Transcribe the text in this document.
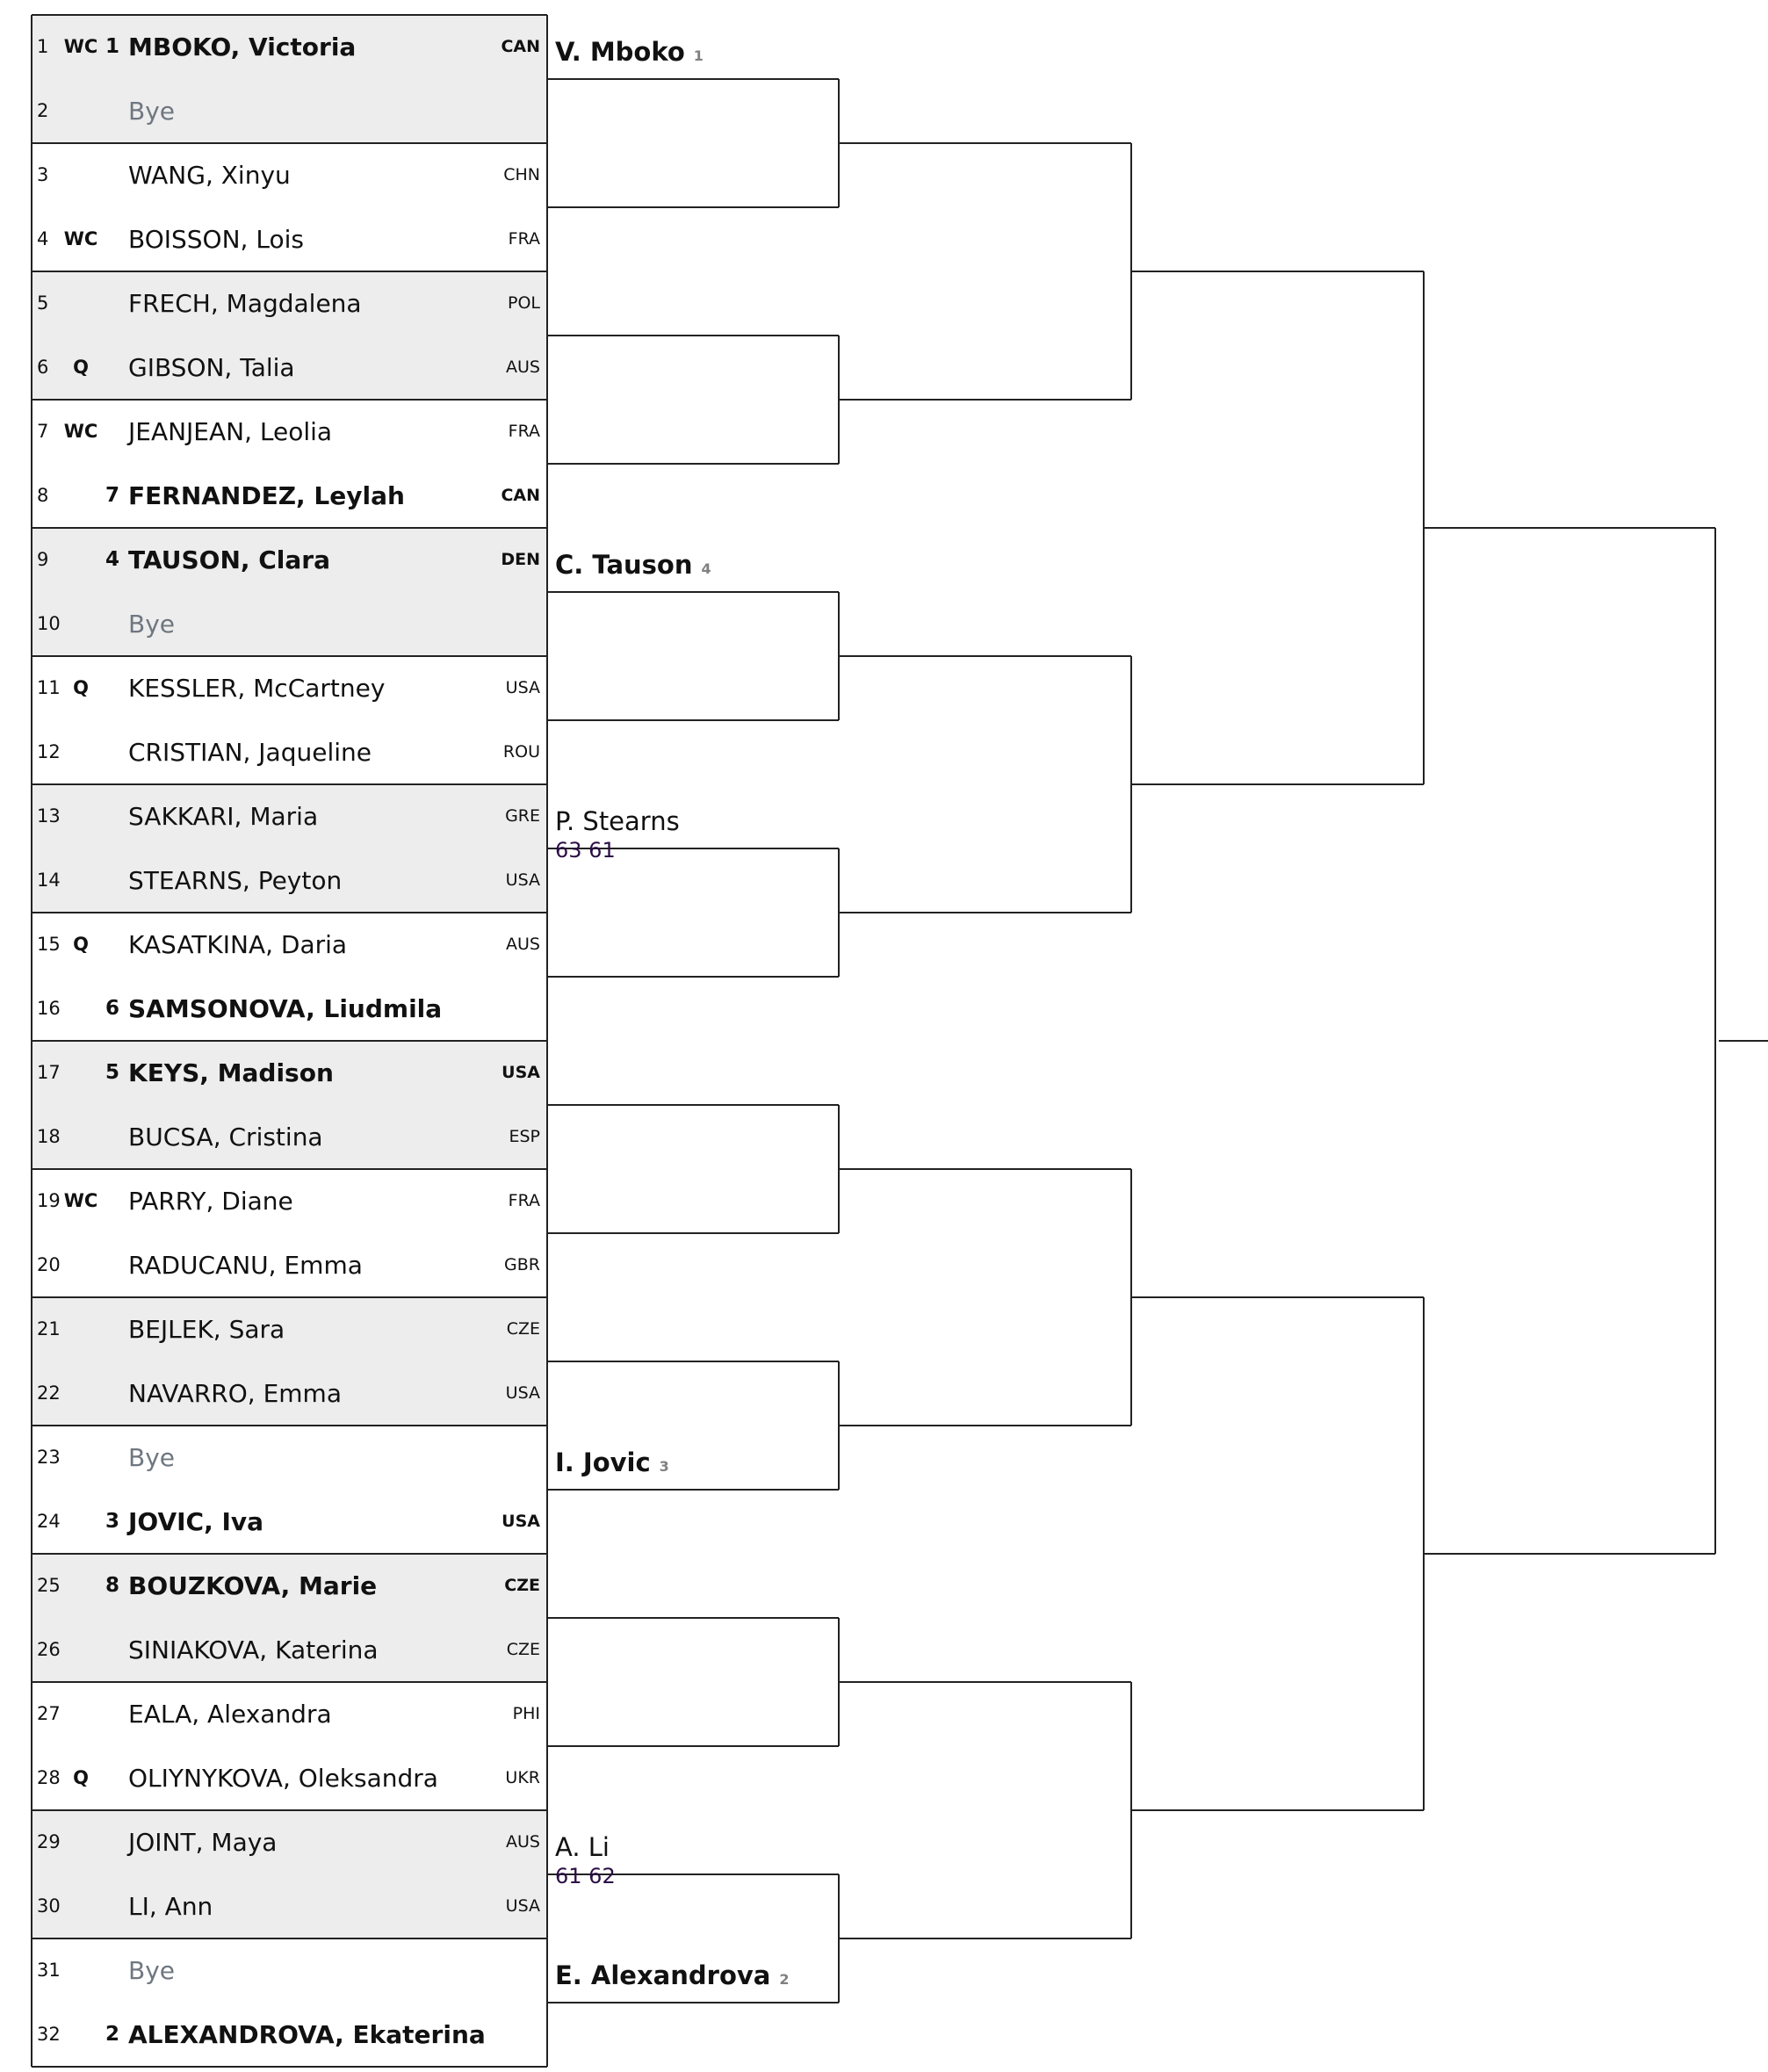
1 WC 1 MBOKO, Victoria	CAN
2	Bye
3	WANG, Xinyu	CHN
4 WC BOISSON, Lois	FRA
5	FRECH, Magdalena	POL
6	Q	GIBSON, Talia	AUS
7 WC JEANJEAN, Leolia	FRA
8	7 FERNANDEZ, Leylah	CAN
9	4 TAUSON, Clara	DEN
10	Bye
11 Q	KESSLER, McCartney	USA
12	CRISTIAN, Jaqueline	ROU
13	SAKKARI, Maria	GRE
14	STEARNS, Peyton	USA
15 Q	KASATKINA, Daria	AUS
16	6 SAMSONOVA, Liudmila
17	5 KEYS, Madison	USA
18	BUCSA, Cristina	ESP
19 WC PARRY, Diane	FRA
20	RADUCANU, Emma	GBR
21	BEJLEK, Sara	CZE
22	NAVARRO, Emma	USA
23	Bye
24	3 JOVIC, Iva	USA
25	8 BOUZKOVA, Marie	CZE
26	SINIAKOVA, Katerina	CZE
27	EALA, Alexandra	PHI
28 Q	OLIYNYKOVA, Oleksandra	UKR
29	JOINT, Maya	AUS
30	LI, Ann	USA
31	Bye
32	2 ALEXANDROVA, Ekaterina
V. Mboko 1
C. Tauson 4
P. Stearns
63 61
I. Jovic 3
A. Li
61 62
E. Alexandrova 2
